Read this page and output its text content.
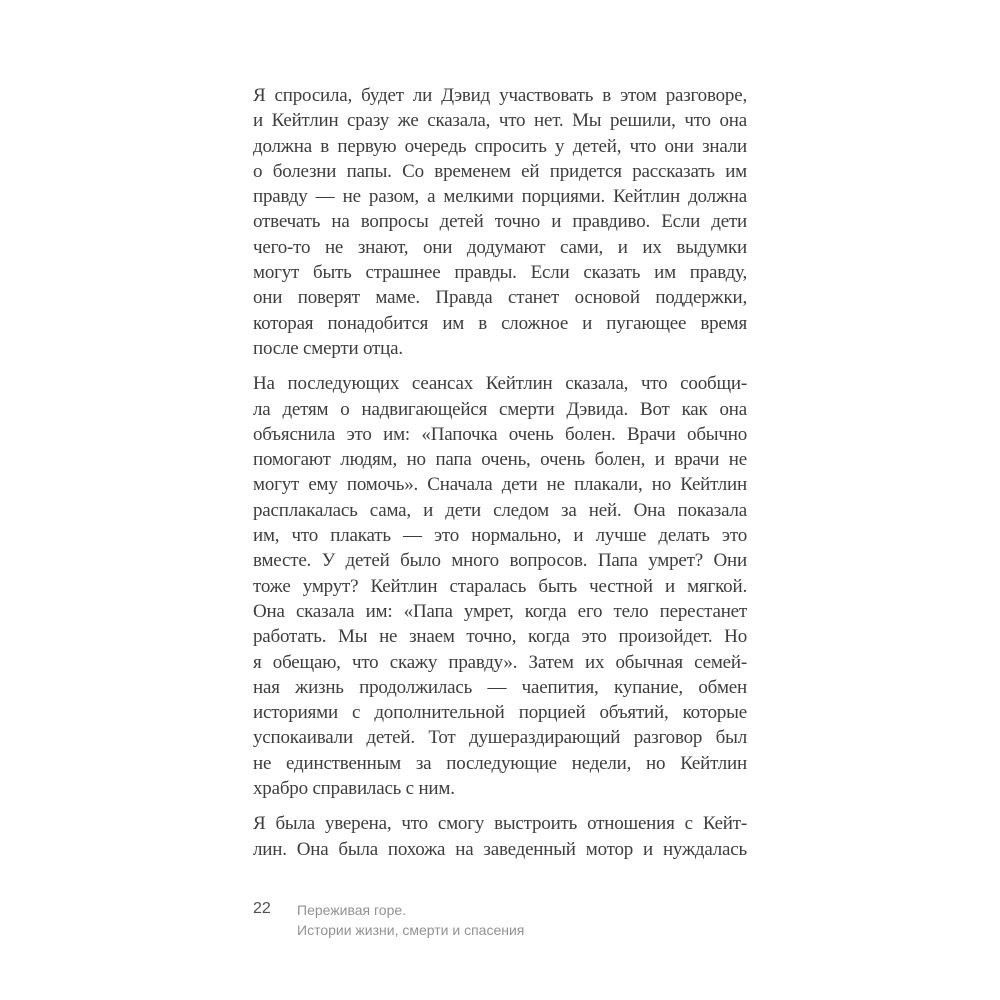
Я спросила, будет ли Дэвид участвовать в этом разговоре,
и Кейтлин сразу же сказала, что нет. Мы решили, что она
должна в первую очередь спросить у детей, что они знали
о болезни папы. Со временем ей придется рассказать им
правду — не разом, а мелкими порциями. Кейтлин должна
отвечать на вопросы детей точно и правдиво. Если дети
чего-то не знают, они додумают сами, и их выдумки
могут быть страшнее правды. Если сказать им правду,
они поверят маме. Правда станет основой поддержки,
которая понадобится им в сложное и пугающее время
после смерти отца.
На последующих сеансах Кейтлин сказала, что сообщи-
ла детям о надвигающейся смерти Дэвида. Вот как она
объяснила это им: «Папочка очень болен. Врачи обычно
помогают людям, но папа очень, очень болен, и врачи не
могут ему помочь». Сначала дети не плакали, но Кейтлин
расплакалась сама, и дети следом за ней. Она показала
им, что плакать — это нормально, и лучше делать это
вместе. У детей было много вопросов. Папа умрет? Они
тоже умрут? Кейтлин старалась быть честной и мягкой.
Она сказала им: «Папа умрет, когда его тело перестанет
работать. Мы не знаем точно, когда это произойдет. Но
я обещаю, что скажу правду». Затем их обычная семей-
ная жизнь продолжилась — чаепития, купание, обмен
историями с дополнительной порцией объятий, которые
успокаивали детей. Тот душераздирающий разговор был
не единственным за последующие недели, но Кейтлин
храбро справилась с ним.
Я была уверена, что смогу выстроить отношения с Кейт-
лин. Она была похожа на заведенный мотор и нуждалась
22 Переживая горе.
Истории жизни, смерти и спасения
